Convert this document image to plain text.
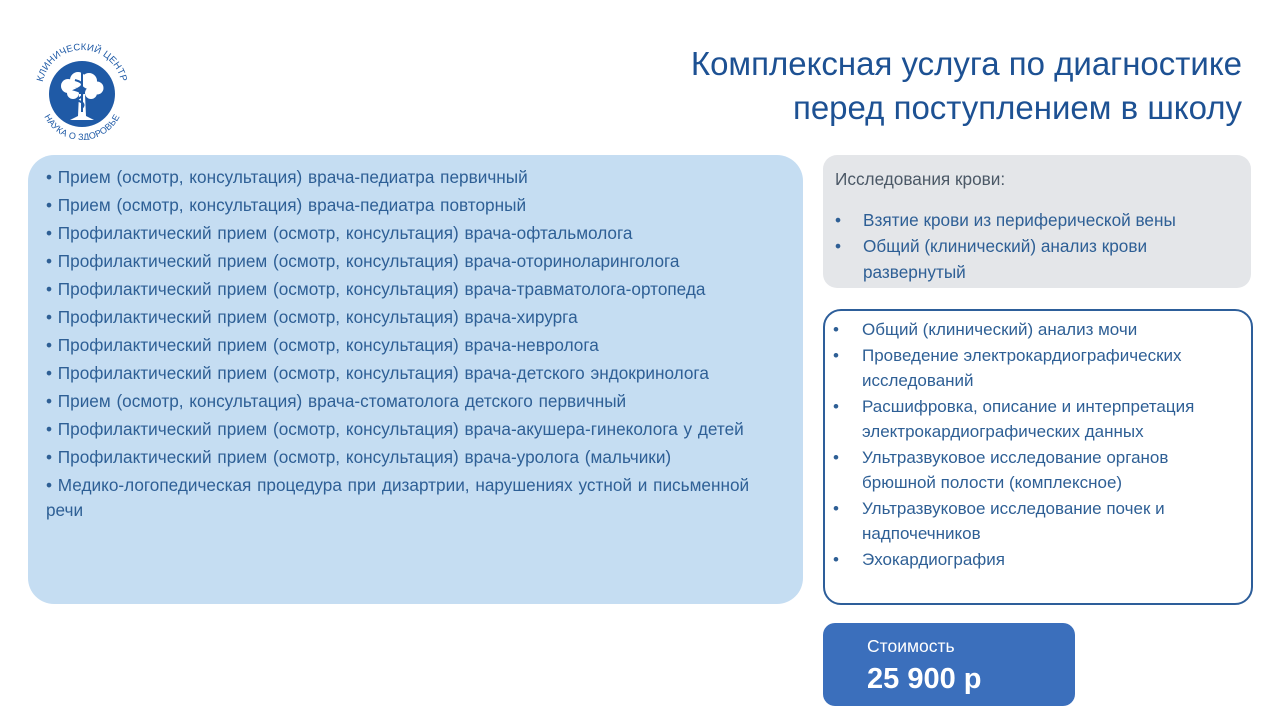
КЛИНИЧЕСКИЙ ЦЕНТР
НАУКА О ЗДОРОВЬЕ
Комплексная услуга по диагностике
перед поступлением в школу
• Прием (осмотр, консультация) врача-педиатра первичный
• Прием (осмотр, консультация) врача-педиатра повторный
• Профилактический прием (осмотр, консультация) врача-офтальмолога
• Профилактический прием (осмотр, консультация) врача-оториноларинголога
• Профилактический прием (осмотр, консультация) врача-травматолога-ортопеда
• Профилактический прием (осмотр, консультация) врача-хирурга
• Профилактический прием (осмотр, консультация) врача-невролога
• Профилактический прием (осмотр, консультация) врача-детского эндокринолога
• Прием (осмотр, консультация) врача-стоматолога детского первичный
• Профилактический прием (осмотр, консультация) врача-акушера-гинеколога у детей
• Профилактический прием (осмотр, консультация) врача-уролога (мальчики)
• Медико-логопедическая процедура при дизартрии, нарушениях устной и письменной речи
Исследования крови:
• Взятие крови из периферической вены
• Общий (клинический) анализ крови развернутый
• Общий (клинический) анализ мочи
• Проведение электрокардиографических исследований
• Расшифровка, описание и интерпретация электрокардиографических данных
• Ультразвуковое исследование органов брюшной полости (комплексное)
• Ультразвуковое исследование почек и надпочечников
• Эхокардиография
Стоимость
25 900 р
